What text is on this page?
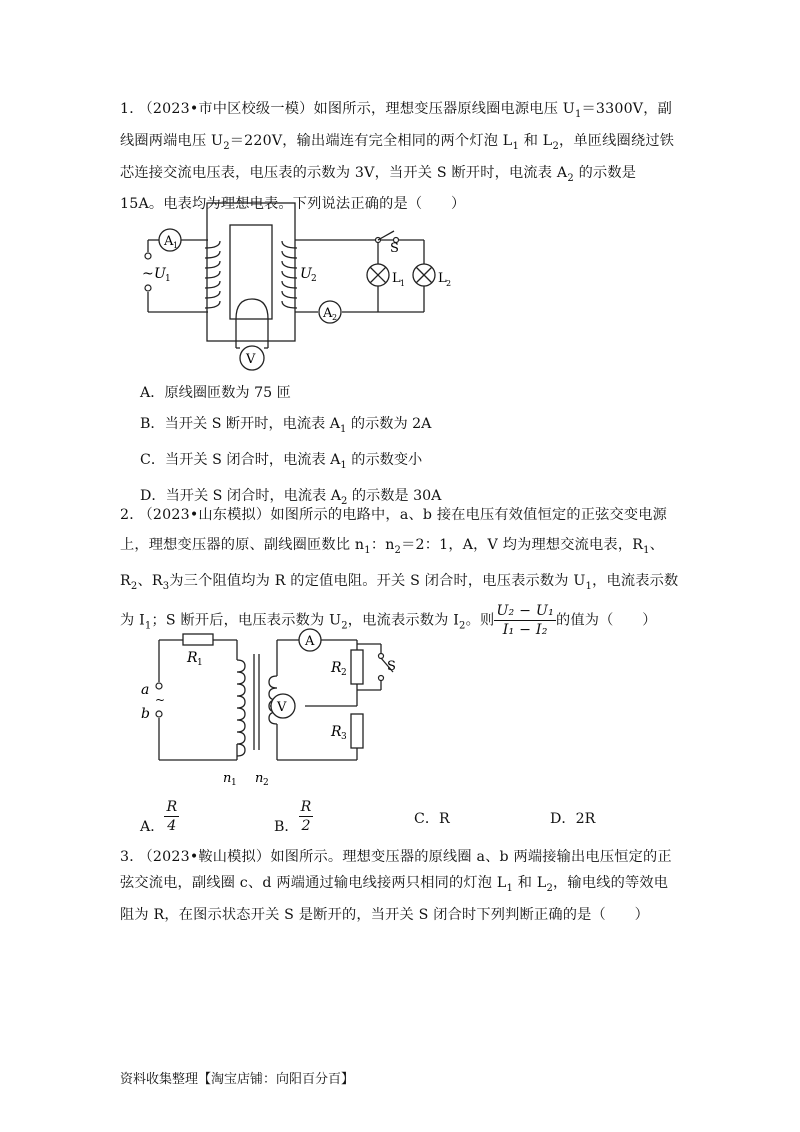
1． （2023•市中区校级一模）如图所示，理想变压器原线圈电源电压 $U_1=3300V$，副线圈两端电压 $U_2=220V$，输出端连有完全相同的两个灯泡 $L_1$ 和 $L_2$，单匝线圈绕过铁芯连接交流电压表，电压表的示数为 3V，当开关 S 断开时，电流表 $A_2$ 的示数是 15A。电表均为理想电表。下列说法正确的是（　　）
A 1
A 2
V
~ U 1	U 2
S
L 1	L 2
A．原线圈匝数为 75 匝
B．当开关 S 断开时，电流表 $A_1$ 的示数为 2A
C．当开关 S 闭合时，电流表 $A_1$ 的示数变小
D．当开关 S 闭合时，电流表 $A_2$ 的示数是 30A
2． （2023•山东模拟）如图所示的电路中，a、b 接在电压有效值恒定的正弦交变电源上，理想变压器的原、副线圈匝数比 $n_1$：$n_2=2$：1，A，V 均为理想交流电表，$R_1$、$R_2$、$R_3$为三个阻值均为 R 的定值电阻。开关 S 闭合时，电压表示数为 $U_1$，电流表示数为 $I_1$；S 断开后，电压表示数为 $U_2$，电流表示数为 $I_2$。则 $\frac{\text{U₂ − U₁}}{\text{I₁ − I₂}}$ 的值为（　　）
A
V
R 1	R 2
R 3
S
a
b
~
n 1 n 2
A． $\frac{R}{4}$	B． $\frac{R}{2}$	C．R	D．2R
3． （2023•鞍山模拟）如图所示。理想变压器的原线圈 a、b 两端接输出电压恒定的正弦交流电，副线圈 c、d 两端通过输电线接两只相同的灯泡 $L_1$ 和 $L_2$，输电线的等效电阻为 R，在图示状态开关 S 是断开的，当开关 S 闭合时下列判断正确的是（　　）
资料收集整理【淘宝店铺：向阳百分百】
